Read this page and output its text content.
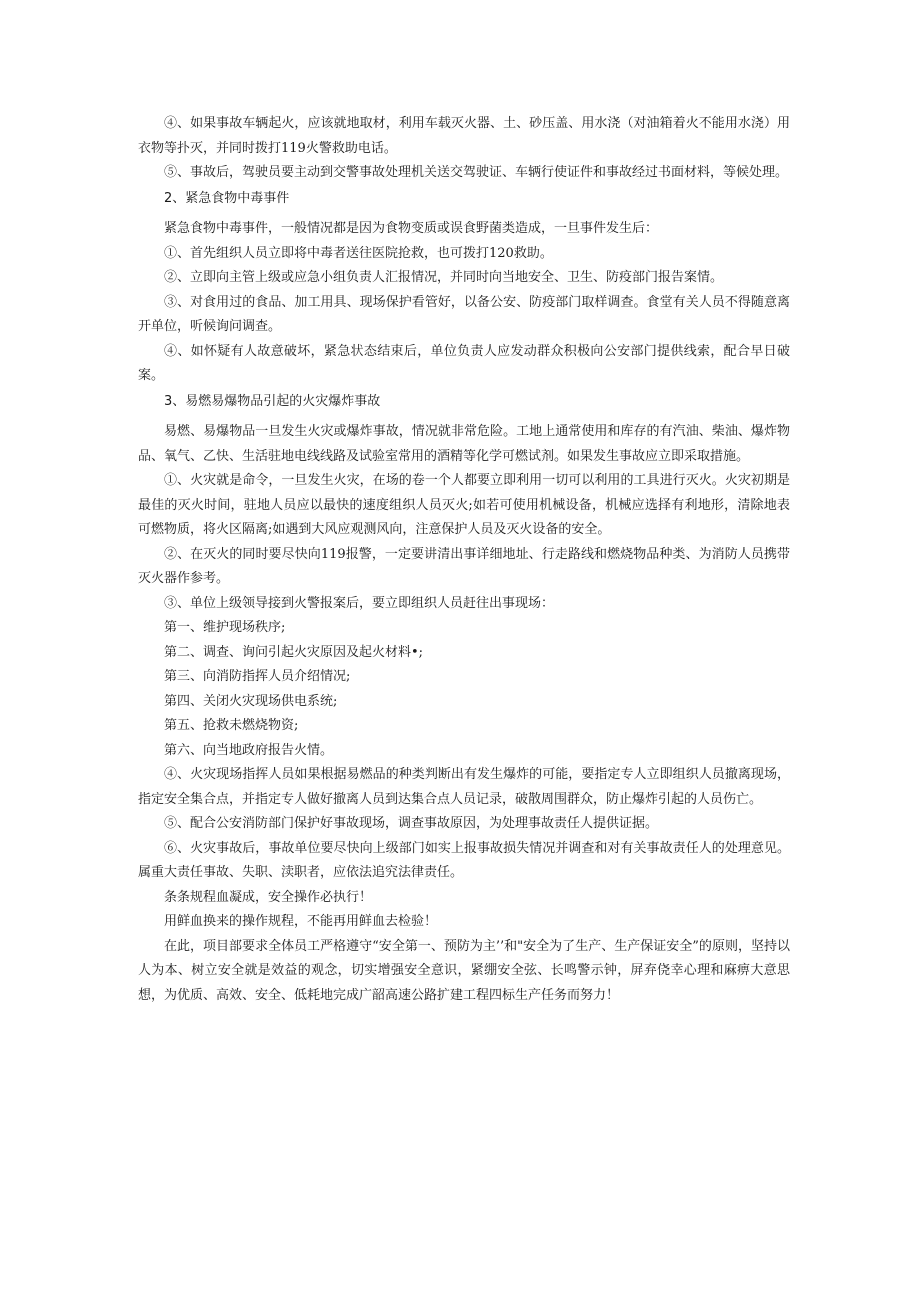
④、如果事故车辆起火，应该就地取材，利用车载灭火器、土、砂压盖、用水浇（对油箱着火不能用水浇）用衣物等扑灭，并同时拨打119火警救助电话。

⑤、事故后，驾驶员要主动到交警事故处理机关送交驾驶证、车辆行使证件和事故经过书面材料，等候处理。

2、紧急食物中毒事件

紧急食物中毒事件，一般情况都是因为食物变质或误食野菌类造成，一旦事件发生后：

①、首先组织人员立即将中毒者送往医院抢救，也可拨打120救助。

②、立即向主管上级或应急小组负责人汇报情况，并同时向当地安全、卫生、防疫部门报告案情。

③、对食用过的食品、加工用具、现场保护看管好，以备公安、防疫部门取样调查。食堂有关人员不得随意离开单位，听候询问调查。

④、如怀疑有人故意破坏，紧急状态结束后，单位负责人应发动群众积极向公安部门提供线索，配合早日破案。

3、易燃易爆物品引起的火灾爆炸事故

易燃、易爆物品一旦发生火灾或爆炸事故，情况就非常危险。工地上通常使用和库存的有汽油、柴油、爆炸物品、氧气、乙快、生活驻地电线线路及试验室常用的酒精等化学可燃试剂。如果发生事故应立即采取措施。

①、火灾就是命令，一旦发生火灾，在场的卷一个人都要立即利用一切可以利用的工具进行灭火。火灾初期是最佳的灭火时间，驻地人员应以最快的速度组织人员灭火;如若可使用机械设备，机械应选择有利地形，清除地表可燃物质，将火区隔离;如遇到大风应观测风向，注意保护人员及灭火设备的安全。

②、在灭火的同时要尽快向119报警，一定要讲清出事详细地址、行走路线和燃烧物品种类、为消防人员携带灭火器作参考。

③、单位上级领导接到火警报案后，要立即组织人员赶往出事现场：

第一、维护现场秩序;

第二、调查、询问引起火灾原因及起火材料•;

第三、向消防指挥人员介绍情况;

第四、关闭火灾现场供电系统;

第五、抢救未燃烧物资;

第六、向当地政府报告火情。

④、火灾现场指挥人员如果根据易燃品的种类判断出有发生爆炸的可能，要指定专人立即组织人员撤离现场，指定安全集合点，并指定专人做好撤离人员到达集合点人员记录，破散周围群众，防止爆炸引起的人员伤亡。

⑤、配合公安消防部门保护好事故现场，调查事故原因，为处理事故责任人提供证据。

⑥、火灾事故后，事故单位要尽快向上级部门如实上报事故损失情况并调查和对有关事故责任人的处理意见。属重大责任事故、失职、渎职者，应依法追究法律责任。

条条规程血凝成，安全操作必执行！

用鲜血换来的操作规程，不能再用鲜血去检验！

在此，项目部要求全体员工严格遵守“安全第一、预防为主’’和"安全为了生产、生产保证安全”的原则，坚持以人为本、树立安全就是效益的观念，切实增强安全意识，紧绷安全弦、长鸣警示钟，屏弃侥幸心理和麻痹大意思想，为优质、高效、安全、低耗地完成广韶高速公路扩建工程四标生产任务而努力！
